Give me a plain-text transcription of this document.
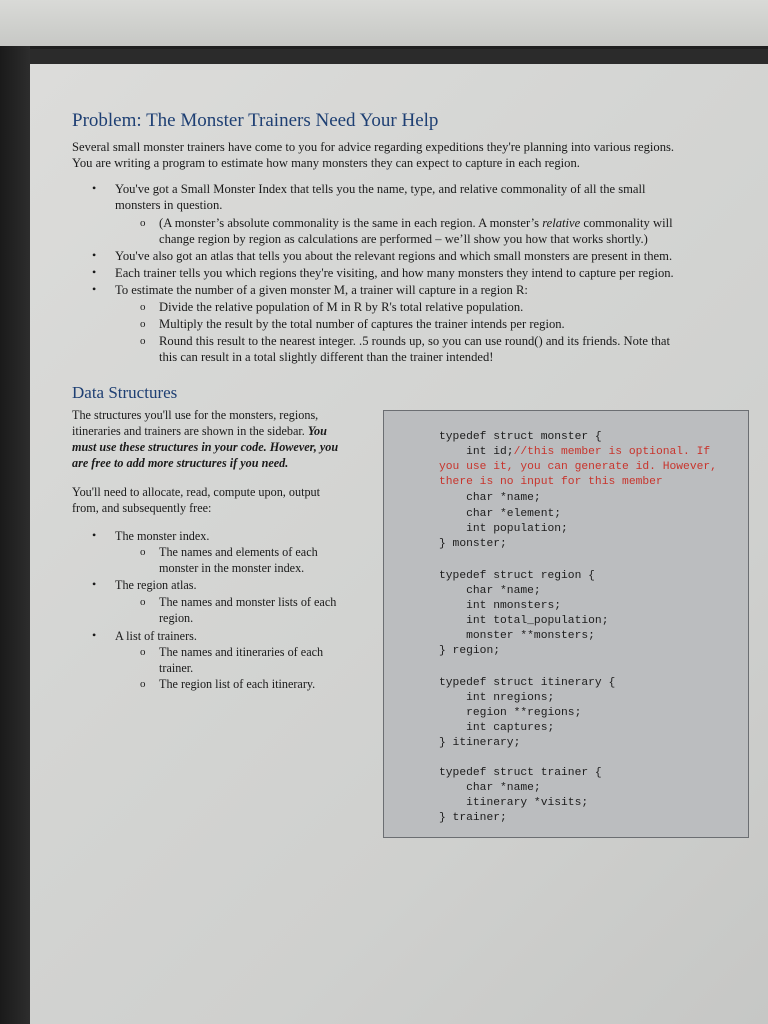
Problem: The Monster Trainers Need Your Help
Several small monster trainers have come to you for advice regarding expeditions they're planning into various regions.
You are writing a program to estimate how many monsters they can expect to capture in each region.
• You've got a Small Monster Index that tells you the name, type, and relative commonality of all the small
monsters in question.
o (A monster’s absolute commonality is the same in each region. A monster’s relative commonality will
change region by region as calculations are performed – we’ll show you how that works shortly.)
• You've also got an atlas that tells you about the relevant regions and which small monsters are present in them.
• Each trainer tells you which regions they're visiting, and how many monsters they intend to capture per region.
• To estimate the number of a given monster M, a trainer will capture in a region R:
o Divide the relative population of M in R by R's total relative population.
o Multiply the result by the total number of captures the trainer intends per region.
o Round this result to the nearest integer. .5 rounds up, so you can use round() and its friends. Note that
this can result in a total slightly different than the trainer intended!
Data Structures
The structures you'll use for the monsters, regions,
itineraries and trainers are shown in the sidebar. You
must use these structures in your code. However, you
are free to add more structures if you need.
You'll need to allocate, read, compute upon, output
from, and subsequently free:
• The monster index.
o The names and elements of each
monster in the monster index.
• The region atlas.
o The names and monster lists of each
region.
• A list of trainers.
o The names and itineraries of each
trainer.
o The region list of each itinerary.
typedef struct monster {
int id;//this member is optional. If
you use it, you can generate id. However,
there is no input for this member
char *name;
char *element;
int population;
} monster;
typedef struct region {
char *name;
int nmonsters;
int total_population;
monster **monsters;
} region;
typedef struct itinerary {
int nregions;
region **regions;
int captures;
} itinerary;
typedef struct trainer {
char *name;
itinerary *visits;
} trainer;
